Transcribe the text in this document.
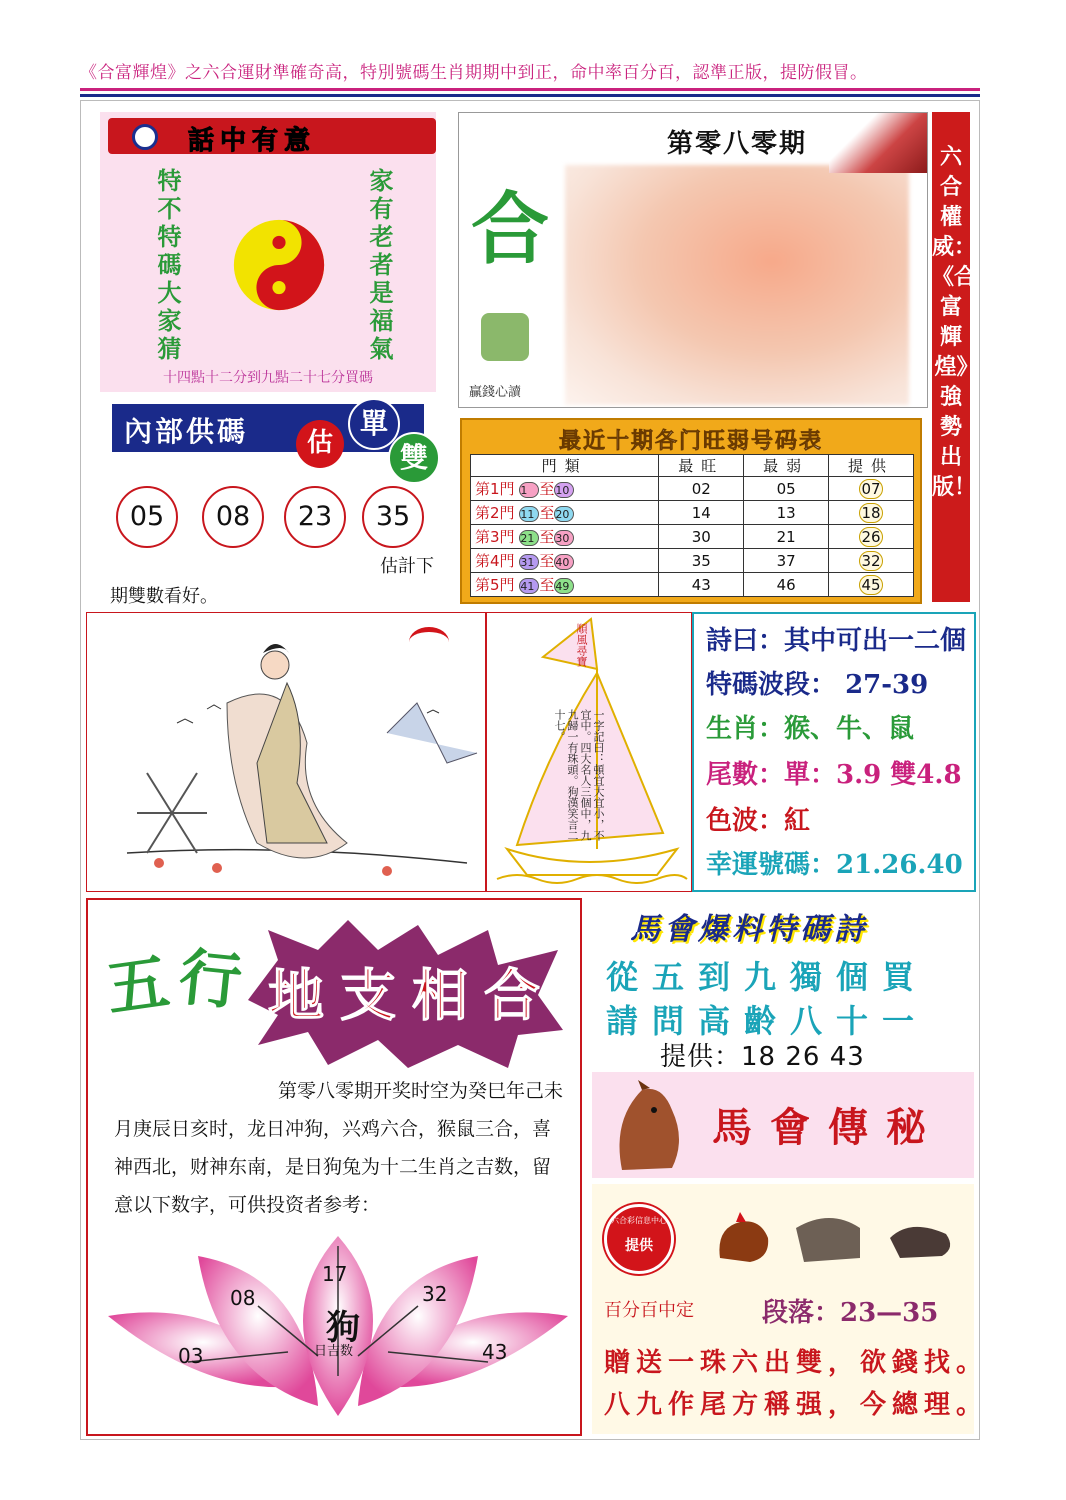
《合富輝煌》之六合運財準確奇高，特別號碼生肖期期中到正，命中率百分百，認準正版，提防假冒。
話中有意
特不特碼大家猜	家有老者是福氣
十四點十二分到九點二十七分買碼
第零八零期
合
贏錢心讀
六合權威：《合富輝煌》強勢出版！
內部供碼	估
單
雙
05	08	23	35
估計下
期雙數看好。
最近十期各门旺弱号码表
門類	最旺	最弱	提供
第1門 1 至10	02	05	07
第2門 11 至20	14	13	18
第3門 21 至30	30	21	26
第4門 31 至40	35	37	32
第5門 41 至49	43	46	45
順風尋寶
一字記曰：頓宜大宜小，不宜中。四大名人三個中，九九歸一有珠頭。狗漢笑言二十七。
詩曰：其中可出一二個
特碼波段： 27-39
生肖：猴、牛、鼠
尾數：單：3.9 雙4.8
色波：紅
幸運號碼：21.26.40
五 行 地支相合
第零八零期开奖时空为癸巳年己未月庚辰日亥时，龙日冲狗，兴鸡六合，猴鼠三合，喜神西北，财神东南，是日狗兔为十二生肖之吉数，留意以下数字，可供投资者参考：
狗
日吉数
17
08	32
03	43
馬會爆料特碼詩
從五到九獨個買
請問高齡八十一
提供：18 26 43
馬會傳秘
六合彩信息中心
提供
百分百中定	段落：23—35
贈送一珠六出雙，欲錢找。
八九作尾方稱强，今總理。
